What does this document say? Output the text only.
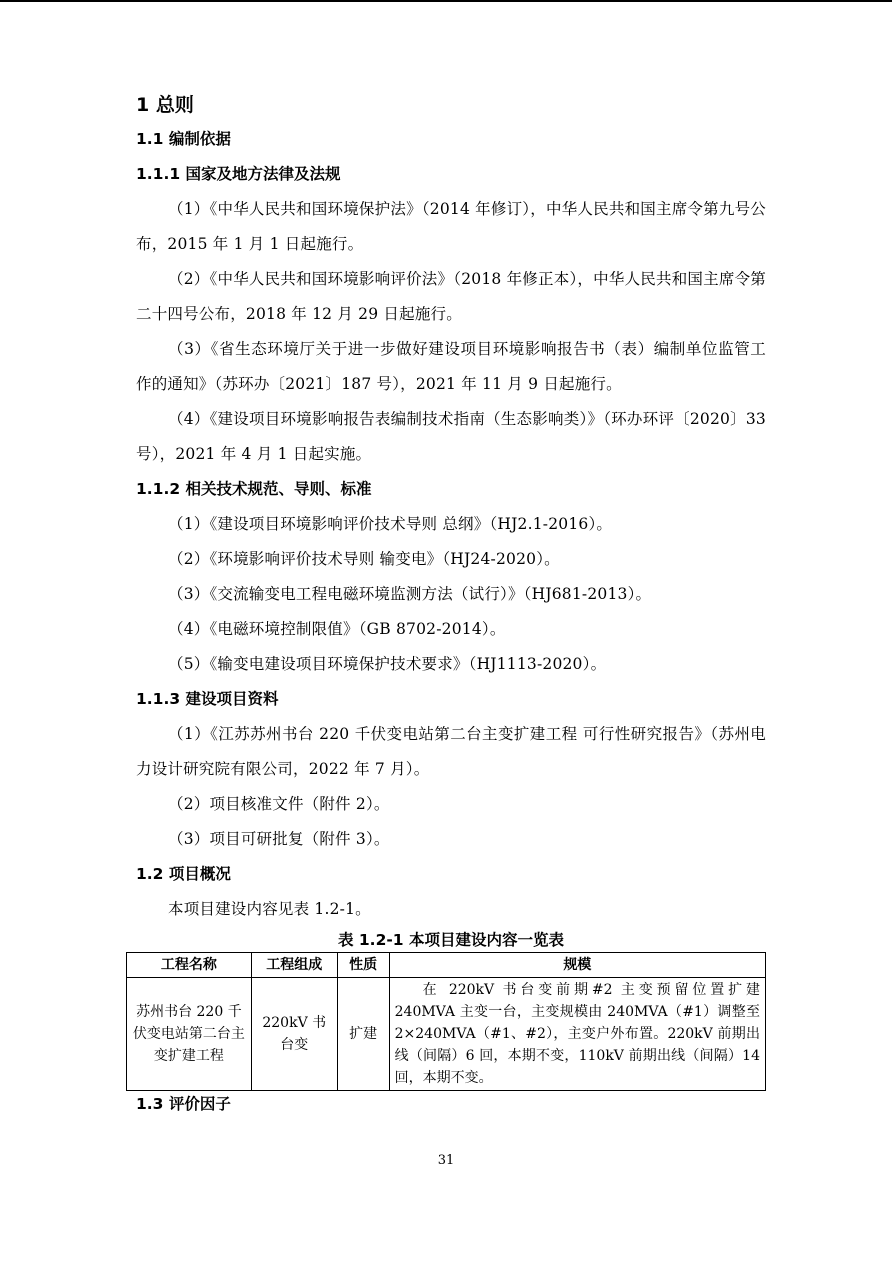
1 总则
1.1 编制依据
1.1.1 国家及地方法律及法规

（1）《中华人民共和国环境保护法》（2014 年修订），中华人民共和国主席令第九号公布，2015 年 1 月 1 日起施行。

（2）《中华人民共和国环境影响评价法》（2018 年修正本），中华人民共和国主席令第二十四号公布，2018 年 12 月 29 日起施行。

（3）《省生态环境厅关于进一步做好建设项目环境影响报告书（表）编制单位监管工作的通知》（苏环办〔2021〕187 号），2021 年 11 月 9 日起施行。

（4）《建设项目环境影响报告表编制技术指南（生态影响类）》（环办环评〔2020〕33 号），2021 年 4 月 1 日起实施。

1.1.2 相关技术规范、导则、标准

（1）《建设项目环境影响评价技术导则 总纲》（HJ2.1-2016）。

（2）《环境影响评价技术导则 输变电》（HJ24-2020）。

（3）《交流输变电工程电磁环境监测方法（试行）》（HJ681-2013）。

（4）《电磁环境控制限值》（GB 8702-2014）。

（5）《输变电建设项目环境保护技术要求》（HJ1113-2020）。

1.1.3 建设项目资料

（1）《江苏苏州书台 220 千伏变电站第二台主变扩建工程 可行性研究报告》（苏州电力设计研究院有限公司，2022 年 7 月）。

（2）项目核准文件（附件 2）。

（3）项目可研批复（附件 3）。

1.2 项目概况

本项目建设内容见表 1.2-1。

表 1.2-1 本项目建设内容一览表
工程名称	工程组成	性质	规模
苏州书台 220 千伏变电站第二台主变扩建工程	220kV 书台变	扩建	在 220kV 书台变前期#2 主变预留位置扩建 240MVA 主变一台，主变规模由 240MVA（#1）调整至 2×240MVA（#1、#2），主变户外布置。220kV 前期出线（间隔）6 回，本期不变，110kV 前期出线（间隔）14 回，本期不变。
1.3 评价因子
31
